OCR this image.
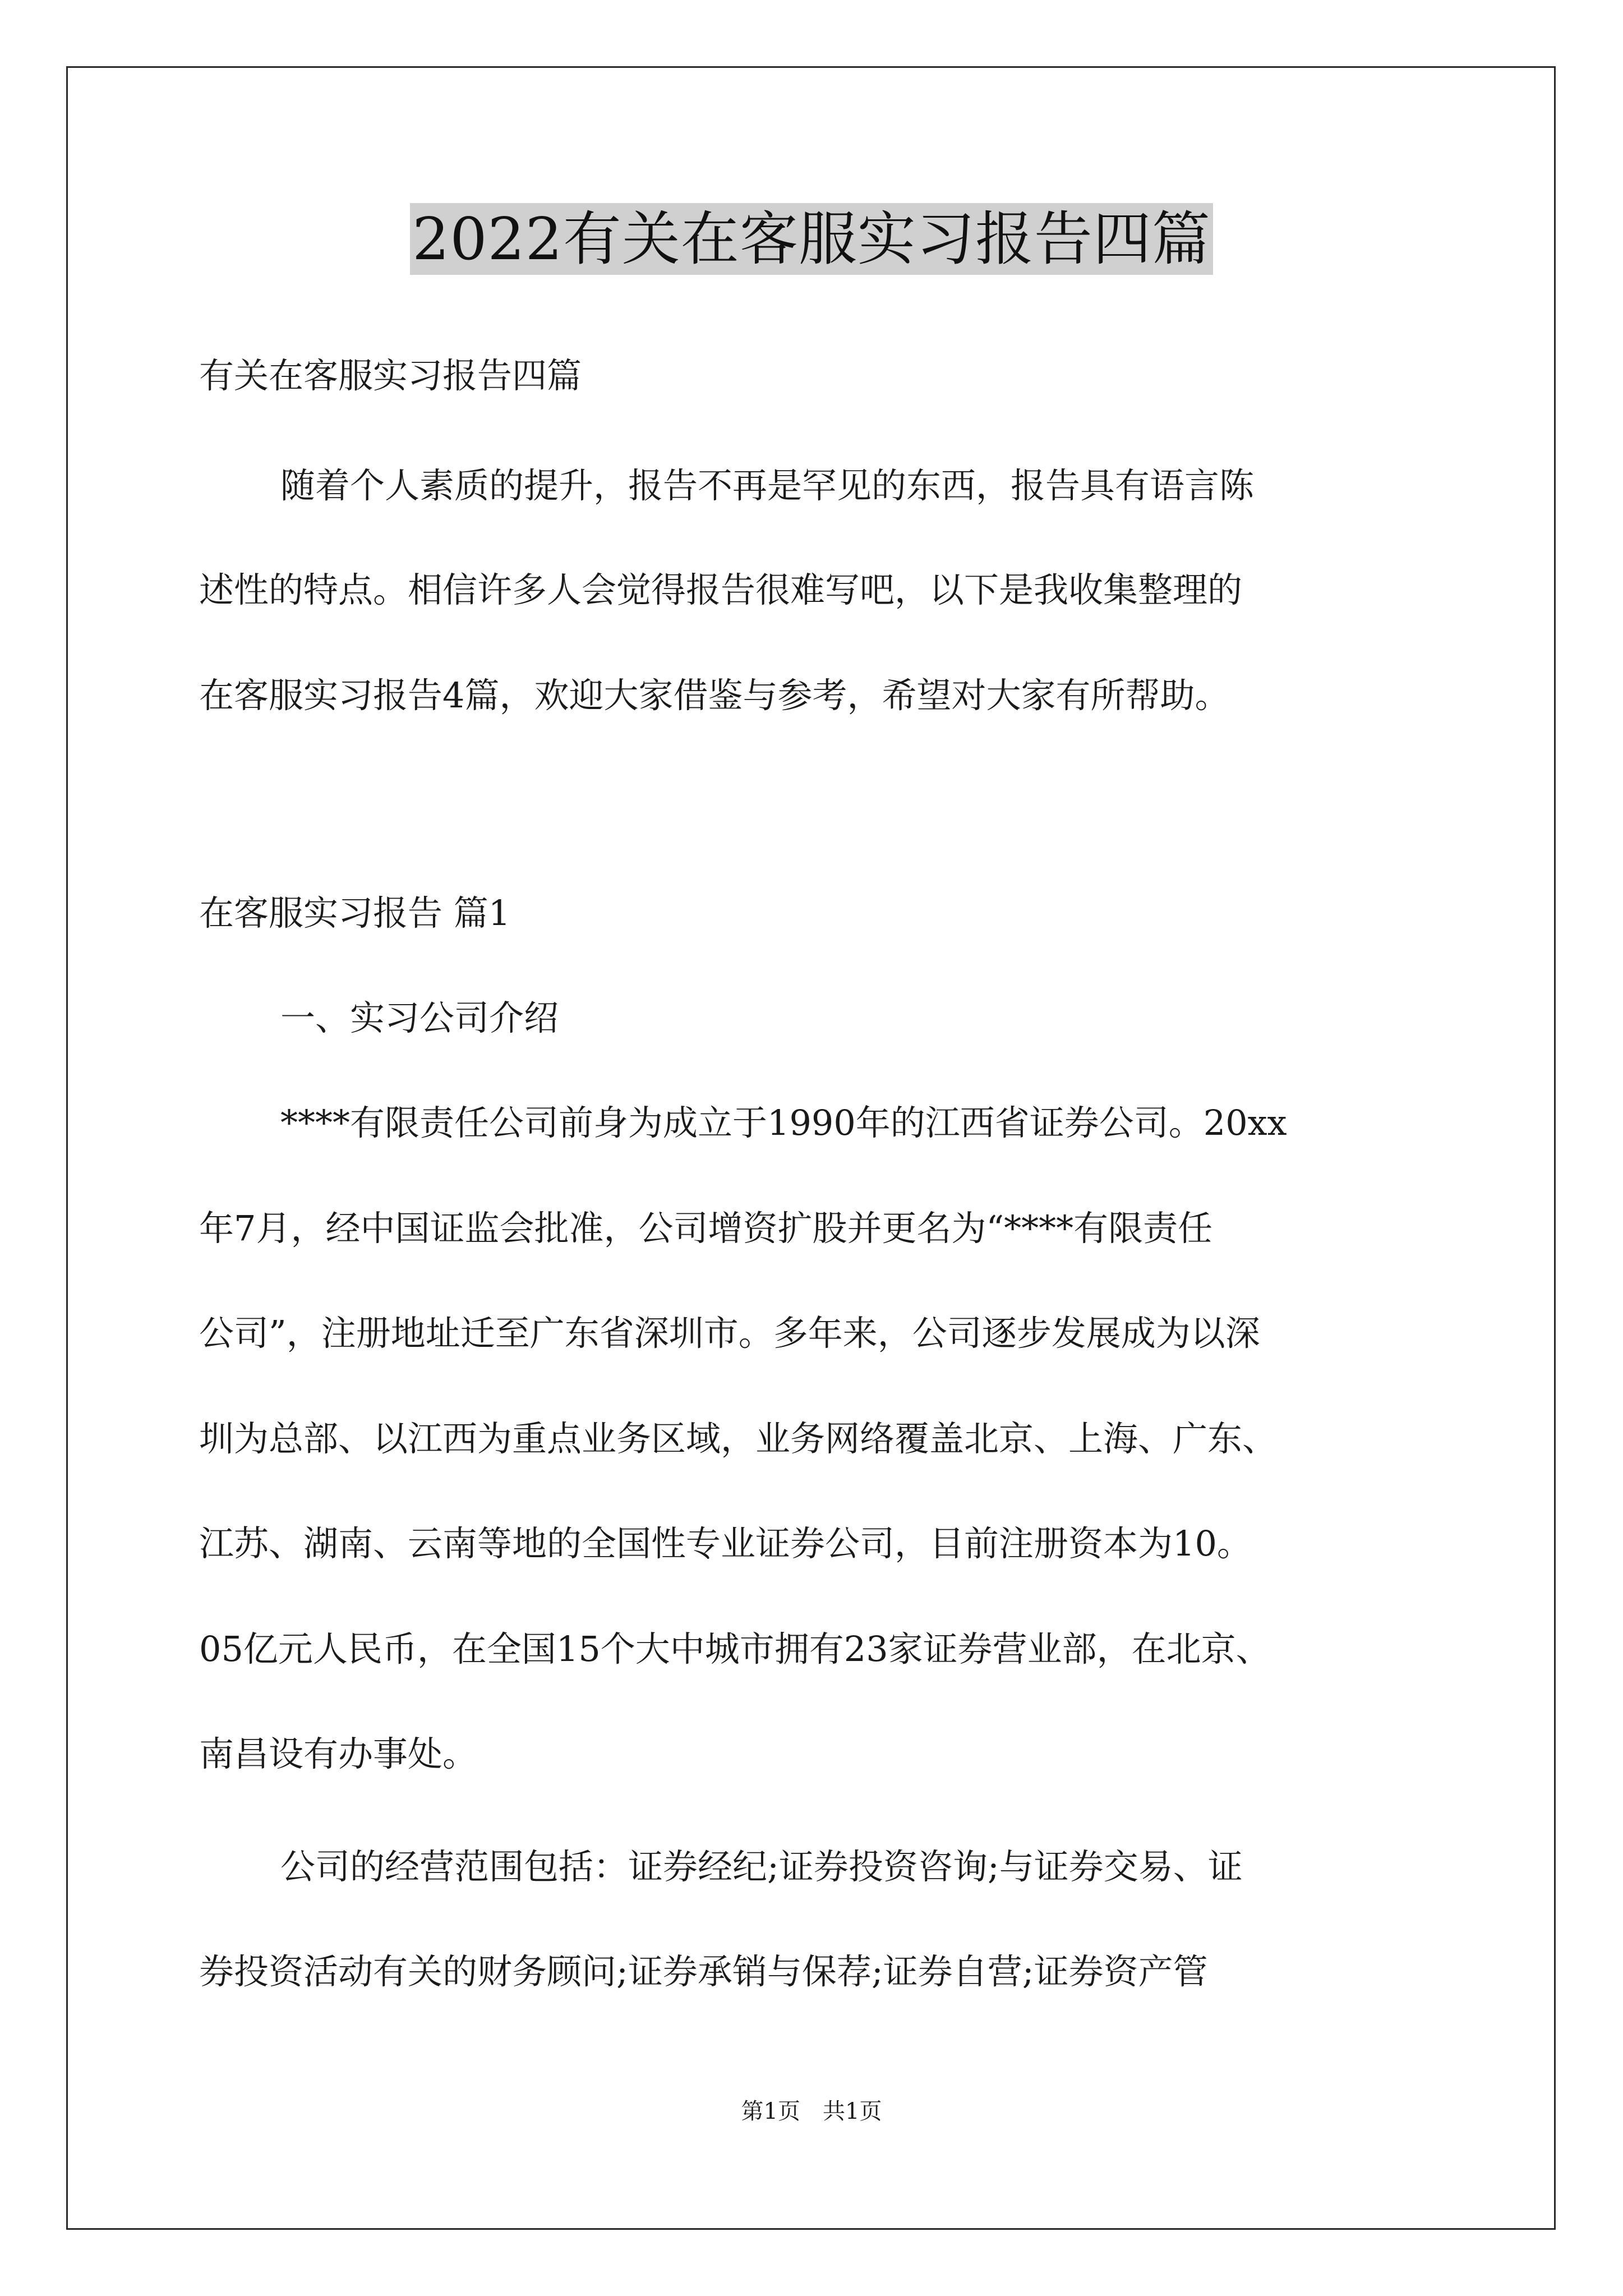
2022有关在客服实习报告四篇
有关在客服实习报告四篇
随着个人素质的提升，报告不再是罕见的东西，报告具有语言陈
述性的特点。相信许多人会觉得报告很难写吧，以下是我收集整理的
在客服实习报告4篇，欢迎大家借鉴与参考，希望对大家有所帮助。
在客服实习报告 篇1
一、实习公司介绍
****有限责任公司前身为成立于1990年的江西省证券公司。20xx
年7月，经中国证监会批准，公司增资扩股并更名为“****有限责任
公司”，注册地址迁至广东省深圳市。多年来，公司逐步发展成为以深
圳为总部、以江西为重点业务区域，业务网络覆盖北京、上海、广东、
江苏、湖南、云南等地的全国性专业证券公司，目前注册资本为10。
05亿元人民币，在全国15个大中城市拥有23家证券营业部，在北京、
南昌设有办事处。
公司的经营范围包括：证券经纪;证券投资咨询;与证券交易、证
券投资活动有关的财务顾问;证券承销与保荐;证券自营;证券资产管
第1页　共1页
